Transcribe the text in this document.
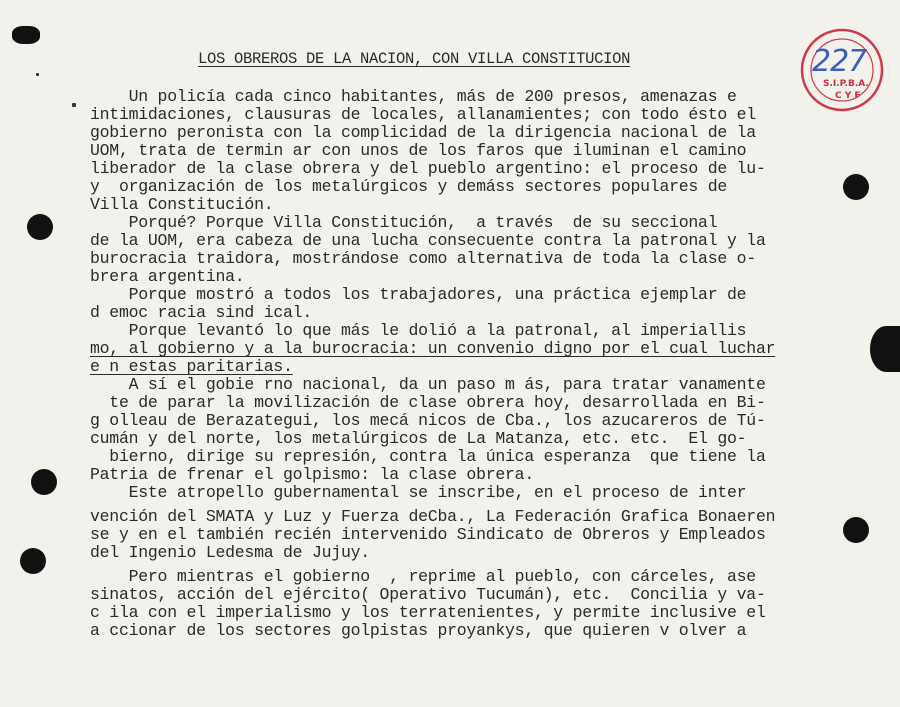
S.I.P.B.A.
C Y F
227
LOS OBREROS DE LA NACION, CON VILLA CONSTITUCION
Un policía cada cinco habitantes, más de 200 presos, amenazas e
intimidaciones, clausuras de locales, allanamientes; con todo ésto el
gobierno peronista con la complicidad de la dirigencia nacional de la
UOM, trata de termin ar con unos de los faros que iluminan el camino
liberador de la clase obrera y del pueblo argentino: el proceso de lu-
y  organización de los metalúrgicos y demáss sectores populares de
Villa Constitución.
Porqué? Porque Villa Constitución,  a través  de su seccional
de la UOM, era cabeza de una lucha consecuente contra la patronal y la
burocracia traidora, mostrándose como alternativa de toda la clase o-
brera argentina.
Porque mostró a todos los trabajadores, una práctica ejemplar de
d emoc racia sind ical.
Porque levantó lo que más le dolió a la patronal, al imperiallis
mo, al gobierno y a la burocracia: un convenio digno por el cual luchar
e n estas paritarias.
A sí el gobie rno nacional, da un paso m ás, para tratar vanamente
te de parar la movilización de clase obrera hoy, desarrollada en Bi-
g olleau de Berazategui, los mecá nicos de Cba., los azucareros de Tú-
cumán y del norte, los metalúrgicos de La Matanza, etc. etc.  El go-
bierno, dirige su represión, contra la única esperanza  que tiene la
Patria de frenar el golpismo: la clase obrera.
Este atropello gubernamental se inscribe, en el proceso de inter
vención del SMATA y Luz y Fuerza deCba., La Federación Grafica Bonaeren
se y en el también recién intervenido Sindicato de Obreros y Empleados
del Ingenio Ledesma de Jujuy.
Pero mientras el gobierno  , reprime al pueblo, con cárceles, ase
sinatos, acción del ejército( Operativo Tucumán), etc.  Concilia y va-
c ila con el imperialismo y los terratenientes, y permite inclusive el
a ccionar de los sectores golpistas proyankys, que quieren v olver a
